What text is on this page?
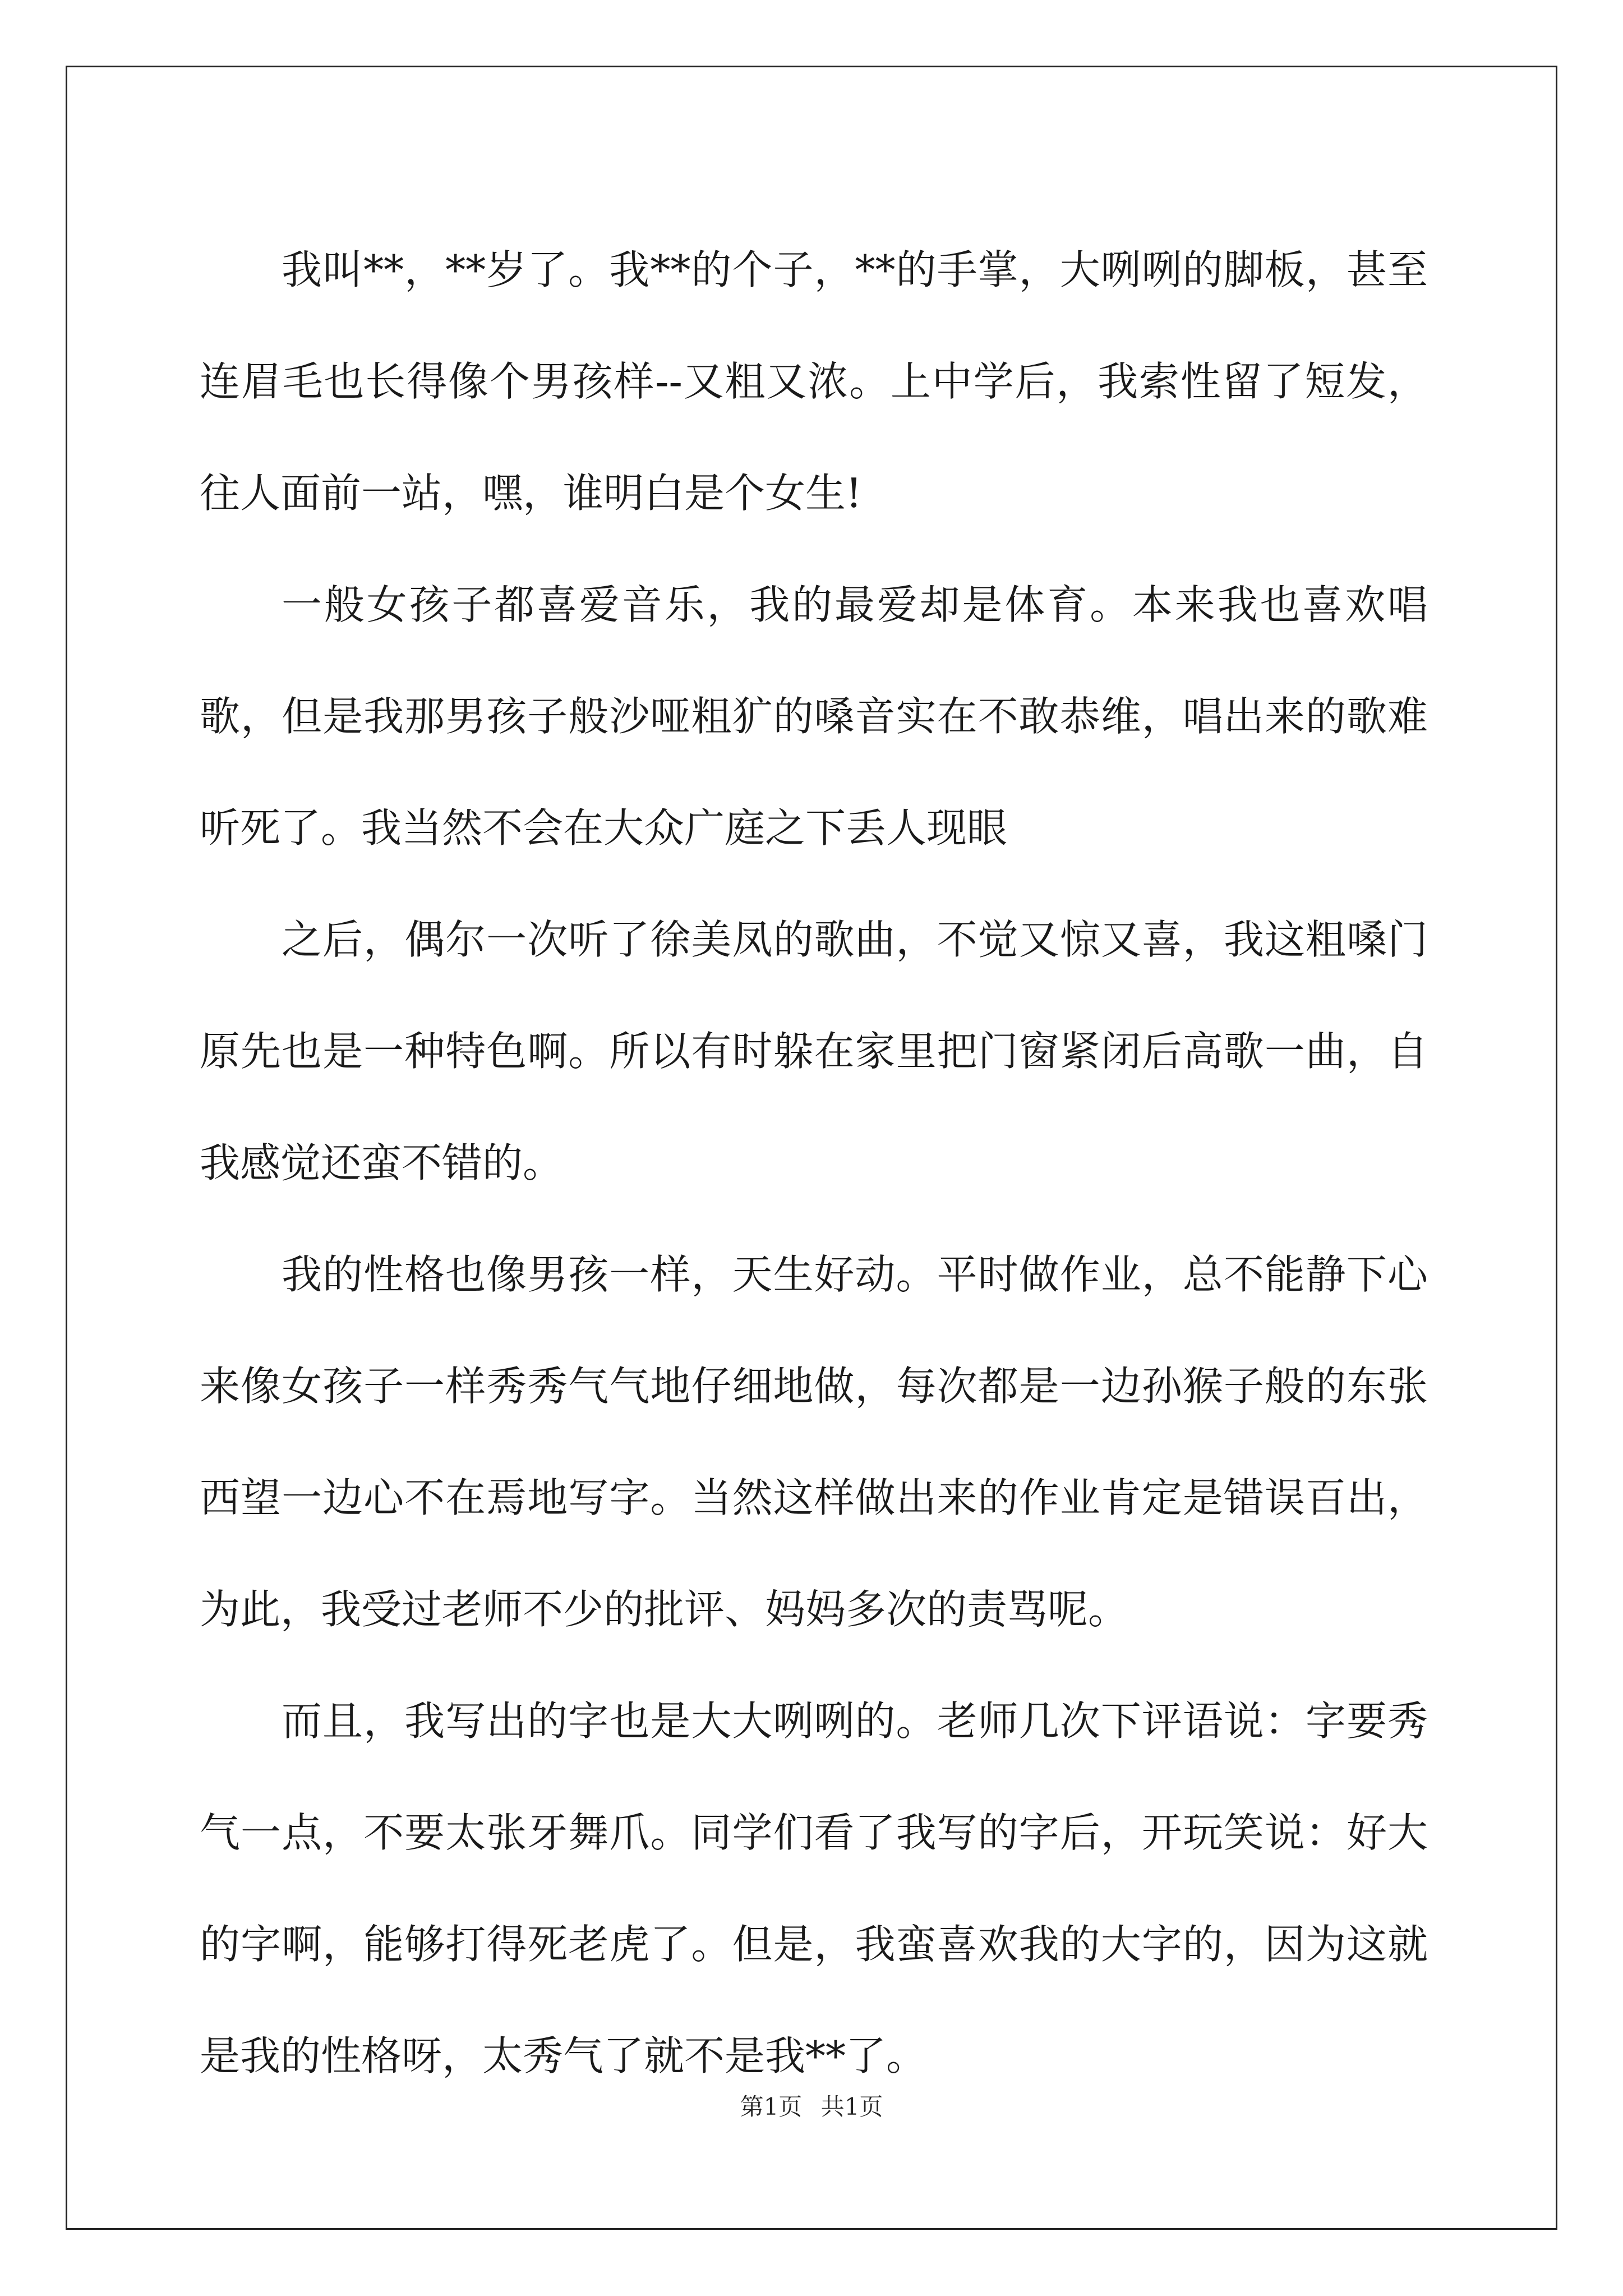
我叫**，**岁了。我**的个子，**的手掌，大咧咧的脚板，甚至连眉毛也长得像个男孩样--又粗又浓。上中学后，我索性留了短发，往人面前一站，嘿，谁明白是个女生!

一般女孩子都喜爱音乐，我的最爱却是体育。本来我也喜欢唱歌，但是我那男孩子般沙哑粗犷的嗓音实在不敢恭维，唱出来的歌难听死了。我当然不会在大众广庭之下丢人现眼

之后，偶尔一次听了徐美凤的歌曲，不觉又惊又喜，我这粗嗓门原先也是一种特色啊。所以有时躲在家里把门窗紧闭后高歌一曲，自我感觉还蛮不错的。

我的性格也像男孩一样，天生好动。平时做作业，总不能静下心来像女孩子一样秀秀气气地仔细地做，每次都是一边孙猴子般的东张西望一边心不在焉地写字。当然这样做出来的作业肯定是错误百出，为此，我受过老师不少的批评、妈妈多次的责骂呢。

而且，我写出的字也是大大咧咧的。老师几次下评语说：字要秀气一点，不要太张牙舞爪。同学们看了我写的字后，开玩笑说：好大的字啊，能够打得死老虎了。但是，我蛮喜欢我的大字的，因为这就是我的性格呀，太秀气了就不是我**了。

第1页 共1页
